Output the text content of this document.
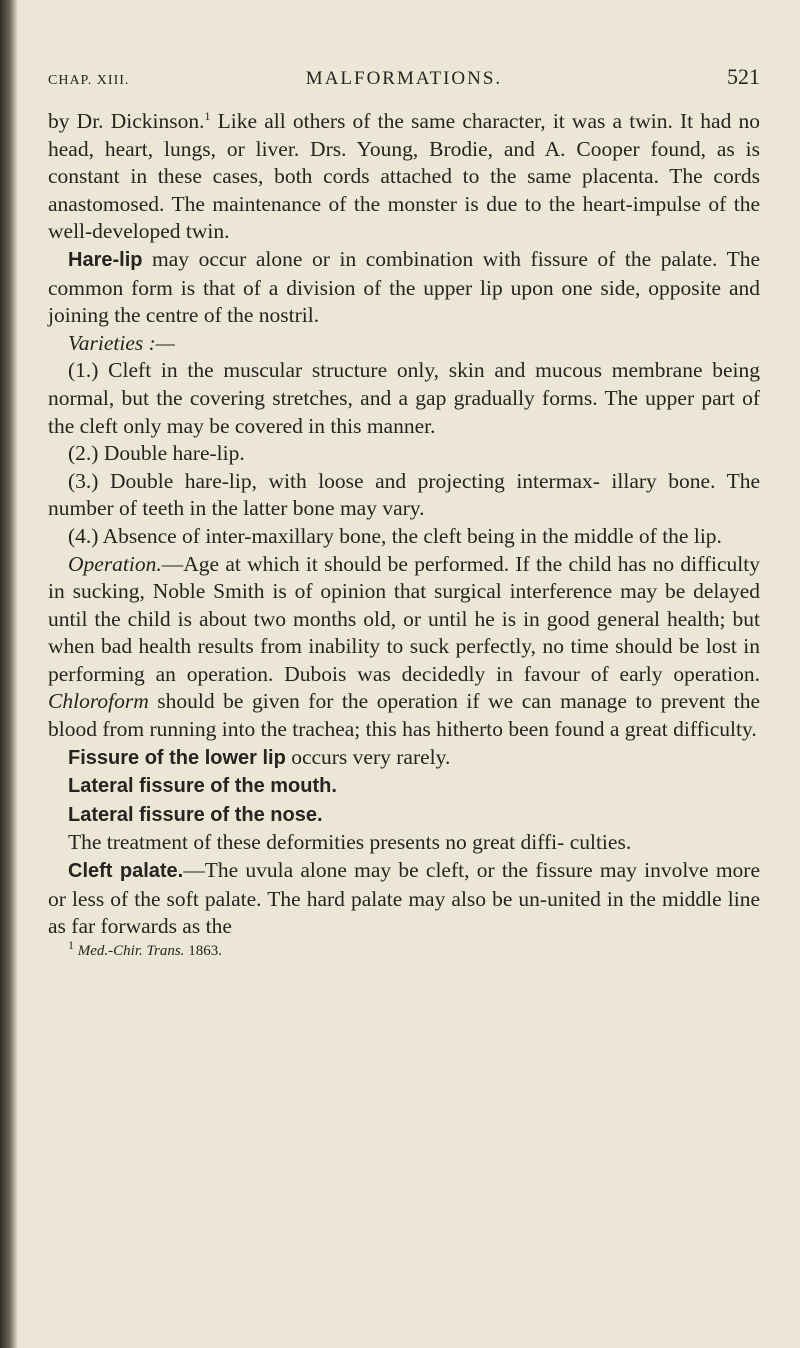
CHAP. XIII.	MALFORMATIONS.	521

by Dr. Dickinson.$^1$ Like all others of the same character, it was a twin. It had no head, heart, lungs, or liver. Drs. Young, Brodie, and A. Cooper found, as is constant in these cases, both cords attached to the same placenta. The cords anastomosed. The maintenance of the monster is due to the heart-impulse of the well-developed twin.

Hare-lip may occur alone or in combination with fissure of the palate. The common form is that of a division of the upper lip upon one side, opposite and joining the centre of the nostril.

Varieties :—

(1.) Cleft in the muscular structure only, skin and mucous membrane being normal, but the covering stretches, and a gap gradually forms. The upper part of the cleft only may be covered in this manner.

(2.) Double hare-lip.

(3.) Double hare-lip, with loose and projecting intermax- illary bone. The number of teeth in the latter bone may vary.

(4.) Absence of inter-maxillary bone, the cleft being in the middle of the lip.

Operation.—Age at which it should be performed. If the child has no difficulty in sucking, Noble Smith is of opinion that surgical interference may be delayed until the child is about two months old, or until he is in good general health; but when bad health results from inability to suck perfectly, no time should be lost in performing an operation. Dubois was decidedly in favour of early operation. Chloroform should be given for the operation if we can manage to prevent the blood from running into the trachea; this has hitherto been found a great difficulty.

Fissure of the lower lip occurs very rarely.

Lateral fissure of the mouth.

Lateral fissure of the nose.

The treatment of these deformities presents no great diffi- culties.

Cleft palate.—The uvula alone may be cleft, or the fissure may involve more or less of the soft palate. The hard palate may also be un-united in the middle line as far forwards as the

$^1$ Med.-Chir. Trans. 1863.
